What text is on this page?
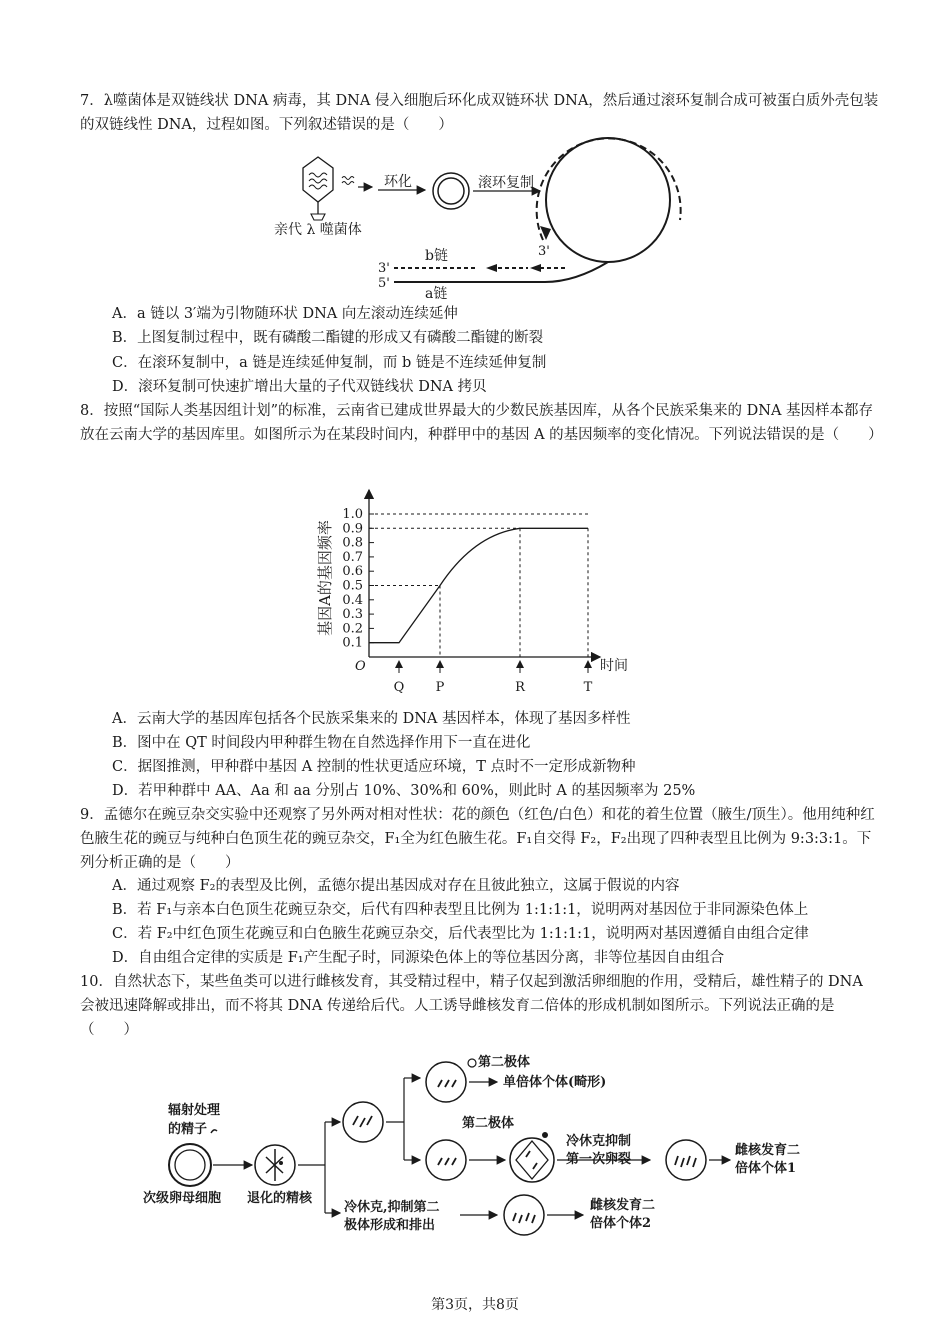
7．λ噬菌体是双链线状 DNA 病毒，其 DNA 侵入细胞后环化成双链环状 DNA，然后通过滚环复制合成可被蛋白质外壳包装的双链线性 DNA，过程如图。下列叙述错误的是（　　）
环化	滚环复制
3'
3'
5'
b链
a链
亲代 λ 噬菌体
A．a 链以 3′端为引物随环状 DNA 向左滚动连续延伸
B．上图复制过程中，既有磷酸二酯键的形成又有磷酸二酯键的断裂
C．在滚环复制中，a 链是连续延伸复制，而 b 链是不连续延伸复制
D．滚环复制可快速扩增出大量的子代双链线状 DNA 拷贝
8．按照“国际人类基因组计划”的标准，云南省已建成世界最大的少数民族基因库，从各个民族采集来的 DNA 基因样本都存放在云南大学的基因库里。如图所示为在某段时间内，种群甲中的基因 A 的基因频率的变化情况。下列说法错误的是（　　）
基因A的基因频率
时间
O
0.1
0.2
0.3
0.4
0.5
0.6
0.7
0.8
0.9
1.0
Q P	R	T
A．云南大学的基因库包括各个民族采集来的 DNA 基因样本，体现了基因多样性
B．图中在 QT 时间段内甲种群生物在自然选择作用下一直在进化
C．据图推测，甲种群中基因 A 控制的性状更适应环境，T 点时不一定形成新物种
D．若甲种群中 AA、Aa 和 aa 分别占 10%、30%和 60%，则此时 A 的基因频率为 25%
9．孟德尔在豌豆杂交实验中还观察了另外两对相对性状：花的颜色（红色/白色）和花的着生位置（腋生/顶生）。他用纯种红色腋生花的豌豆与纯种白色顶生花的豌豆杂交，F₁全为红色腋生花。F₁自交得 F₂，F₂出现了四种表型且比例为 9:3:3:1。下列分析正确的是（　　）
A．通过观察 F₂的表型及比例，孟德尔提出基因成对存在且彼此独立，这属于假说的内容
B．若 F₁与亲本白色顶生花豌豆杂交，后代有四种表型且比例为 1:1:1:1，说明两对基因位于非同源染色体上
C．若 F₂中红色顶生花豌豆和白色腋生花豌豆杂交，后代表型比为 1:1:1:1，说明两对基因遵循自由组合定律
D．自由组合定律的实质是 F₁产生配子时，同源染色体上的等位基因分离，非等位基因自由组合
10．自然状态下，某些鱼类可以进行雌核发育，其受精过程中，精子仅起到激活卵细胞的作用，受精后，雄性精子的 DNA 会被迅速降解或排出，而不将其 DNA 传递给后代。人工诱导雌核发育二倍体的形成机制如图所示。下列说法正确的是（　　）
辐射处理
的精子
次级卵母细胞 退化的精核
第二极体
单倍体个体(畸形)
第二极体
冷休克抑制
第一次卵裂
雌核发育二
倍体个体1
冷休克,抑制第二
极体形成和排出
雌核发育二
倍体个体2
第3页，共8页
